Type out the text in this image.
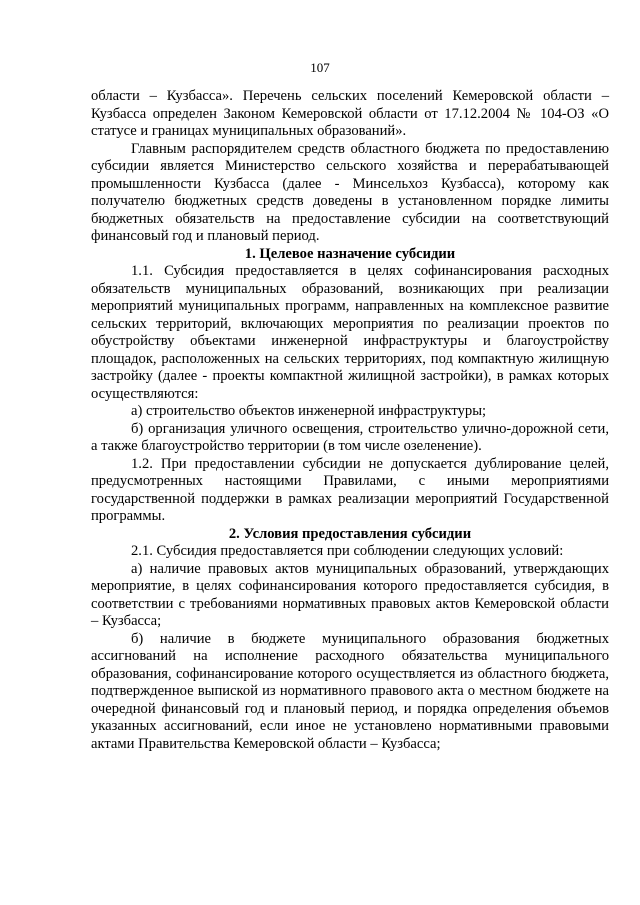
107

области – Кузбасса». Перечень сельских поселений Кемеровской области – Кузбасса определен Законом Кемеровской области от 17.12.2004 № 104-ОЗ «О статусе и границах муниципальных образований».

Главным распорядителем средств областного бюджета по предоставлению субсидии является Министерство сельского хозяйства и перерабатывающей промышленности Кузбасса (далее - Минсельхоз Кузбасса), которому как получателю бюджетных средств доведены в установленном порядке лимиты бюджетных обязательств на предоставление субсидии на соответствующий финансовый год и плановый период.

1. Целевое назначение субсидии

1.1. Субсидия предоставляется в целях софинансирования расходных обязательств муниципальных образований, возникающих при реализации мероприятий муниципальных программ, направленных на комплексное развитие сельских территорий, включающих мероприятия по реализации проектов по обустройству объектами инженерной инфраструктуры и благоустройству площадок, расположенных на сельских территориях, под компактную жилищную застройку (далее - проекты компактной жилищной застройки), в рамках которых осуществляются:

а) строительство объектов инженерной инфраструктуры;

б) организация уличного освещения, строительство улично-дорожной сети, а также благоустройство территории (в том числе озеленение).

1.2. При предоставлении субсидии не допускается дублирование целей, предусмотренных настоящими Правилами, с иными мероприятиями государственной поддержки в рамках реализации мероприятий Государственной программы.

2. Условия предоставления субсидии

2.1. Субсидия предоставляется при соблюдении следующих условий:

а) наличие правовых актов муниципальных образований, утверждающих мероприятие, в целях софинансирования которого предоставляется субсидия, в соответствии с требованиями нормативных правовых актов Кемеровской области – Кузбасса;

б) наличие в бюджете муниципального образования бюджетных ассигнований на исполнение расходного обязательства муниципального образования, софинансирование которого осуществляется из областного бюджета, подтвержденное выпиской из нормативного правового акта о местном бюджете на очередной финансовый год и плановый период, и порядка определения объемов указанных ассигнований, если иное не установлено нормативными правовыми актами Правительства Кемеровской области – Кузбасса;
